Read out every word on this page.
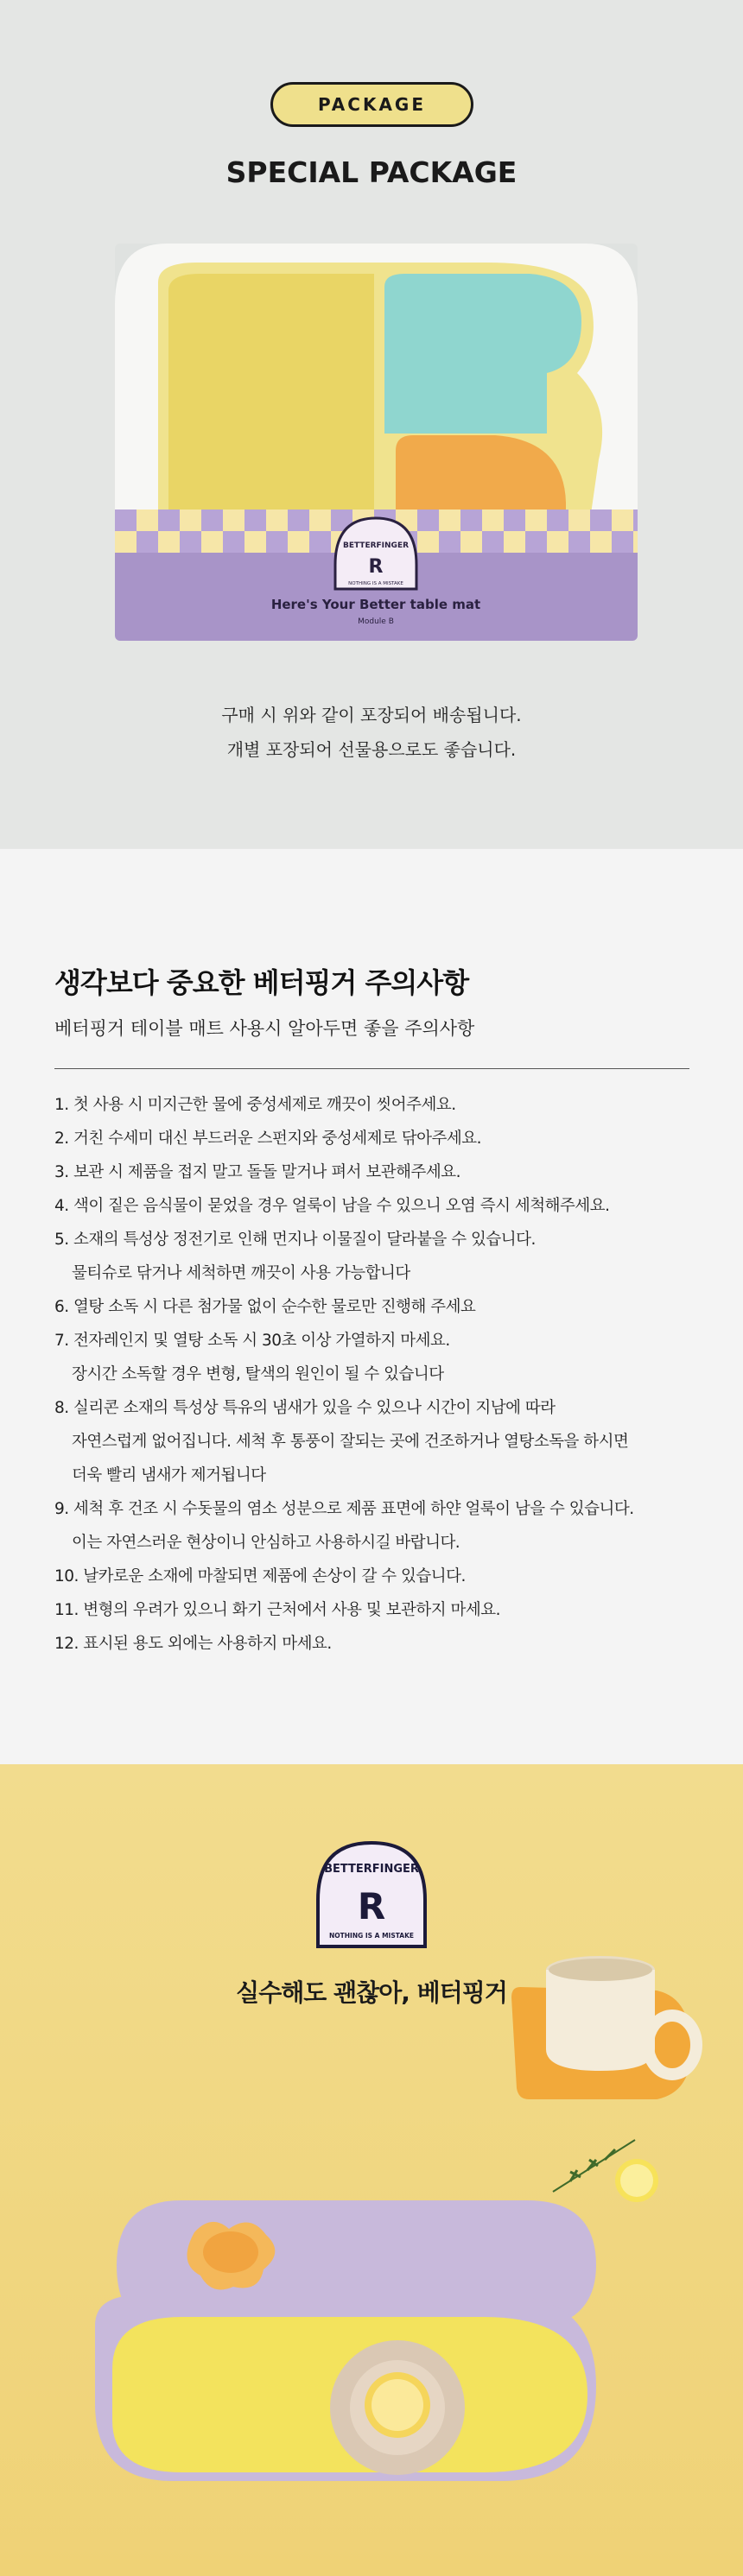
PACKAGE
SPECIAL PACKAGE
BETTERFINGER
R
NOTHING IS A MISTAKE
Here's Your Better table mat
Module B
구매 시 위와 같이 포장되어 배송됩니다.
개별 포장되어 선물용으로도 좋습니다.
생각보다 중요한 베터핑거 주의사항

베터핑거 테이블 매트 사용시 알아두면 좋을 주의사항

1. 첫 사용 시 미지근한 물에 중성세제로 깨끗이 씻어주세요.
2. 거친 수세미 대신 부드러운 스펀지와 중성세제로 닦아주세요.
3. 보관 시 제품을 접지 말고 돌돌 말거나 펴서 보관해주세요.
4. 색이 짙은 음식물이 묻었을 경우 얼룩이 남을 수 있으니 오염 즉시 세척해주세요.
5. 소재의 특성상 정전기로 인해 먼지나 이물질이 달라붙을 수 있습니다.
물티슈로 닦거나 세척하면 깨끗이 사용 가능합니다
6. 열탕 소독 시 다른 첨가물 없이 순수한 물로만 진행해 주세요
7. 전자레인지 및 열탕 소독 시 30초 이상 가열하지 마세요.
장시간 소독할 경우 변형, 탈색의 원인이 될 수 있습니다
8. 실리콘 소재의 특성상 특유의 냄새가 있을 수 있으나 시간이 지남에 따라
자연스럽게 없어집니다. 세척 후 통풍이 잘되는 곳에 건조하거나 열탕소독을 하시면
더욱 빨리 냄새가 제거됩니다
9. 세척 후 건조 시 수돗물의 염소 성분으로 제품 표면에 하얀 얼룩이 남을 수 있습니다.
이는 자연스러운 현상이니 안심하고 사용하시길 바랍니다.
10. 날카로운 소재에 마찰되면 제품에 손상이 갈 수 있습니다.
11. 변형의 우려가 있으니 화기 근처에서 사용 및 보관하지 마세요.
12. 표시된 용도 외에는 사용하지 마세요.
BETTERFINGER
R
NOTHING IS A MISTAKE
실수해도 괜찮아, 베터핑거
